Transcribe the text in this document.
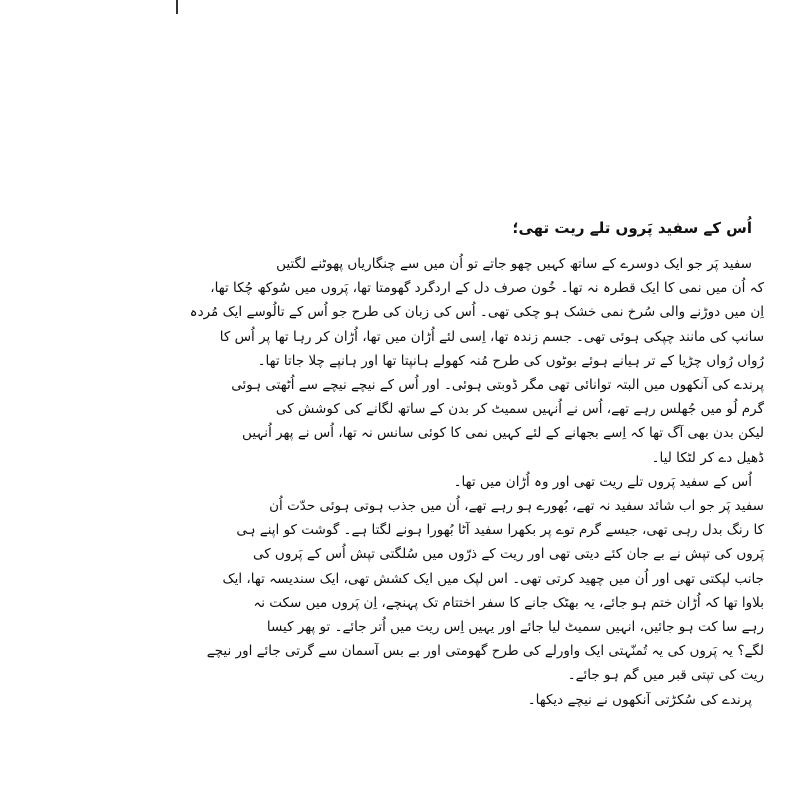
اُس کے سفید پَروں تلے ریت تھی؛
سفید پَر جو ایک دوسرے کے ساتھ کہیں چھو جاتے تو اُن میں سے چنگاریاں پھوٹنے لگتیں
کہ اُن میں نمی کا ایک قطرہ نہ تھا۔ خُون صرف دل کے اردگرد گھومتا تھا، پَروں میں سُوکھ چُکا تھا،
اِن میں دوڑنے والی سُرخ نمی خشک ہو چکی تھی۔ اُس کی زبان کی طرح جو اُس کے تالُوسے ایک مُردہ
سانپ کی مانند چپکی ہوئی تھی۔ جسم زندہ تھا، اِسی لئے اُڑان میں تھا، اُڑان کر رہا تھا پر اُس کا
رُواں رُواں چڑیا کے تر ہیانے ہوئے بوٹوں کی طرح مُنہ کھولے ہانپتا تھا اور ہانپے چلا جاتا تھا۔
پرندے کی آنکھوں میں البتہ توانائی تھی مگر ڈوبتی ہوئی۔ اور اُس کے نیچے نیچے سے اُٹھتی ہوئی
گرم لُو میں جُھلس رہے تھے، اُس نے اُنہیں سمیٹ کر بدن کے ساتھ لگانے کی کوشش کی
لیکن بدن بھی آگ تھا کہ اِسے بجھانے کے لئے کہیں نمی کا کوئی سانس نہ تھا، اُس نے پھر اُنہیں
ڈھیل دے کر لٹکا لیا۔
اُس کے سفید پَروں تلے ریت تھی اور وہ اُڑان میں تھا۔
سفید پَر جو اب شائد سفید نہ تھے، بُھورے ہو رہے تھے، اُن میں جذب ہوتی ہوئی حدّت اُن
کا رنگ بدل رہی تھی، جیسے گرم توے پر بکھرا سفید آٹا بُھورا ہونے لگتا ہے۔ گوشت کو اپنے ہی
پَروں کی تپش نے بے جان کئے دیتی تھی اور ریت کے ذرّوں میں سُلگتی تپش اُس کے پَروں کی
جانب لپکتی تھی اور اُن میں چھید کرتی تھی۔ اس لپک میں ایک کشش تھی، ایک سندیسہ تھا، ایک
بلاوا تھا کہ اُڑان ختم ہو جائے، یہ بھٹک جانے کا سفر اختتام تک پہنچے، اِن پَروں میں سکت نہ
رہے سا کت ہو جائیں، انہیں سمیٹ لیا جائے اور یہیں اِس ریت میں اُتر جائے۔ تو پھر کیسا
لگے؟ یہ پَروں کی یہ تُمنّہتی ایک واورلے کی طرح گھومتی اور بے بس آسمان سے گرتی جائے اور نیچے
ریت کی تپتی قبر میں گم ہو جائے۔
پرندے کی سُکڑتی آنکھوں نے نیچے دیکھا۔
